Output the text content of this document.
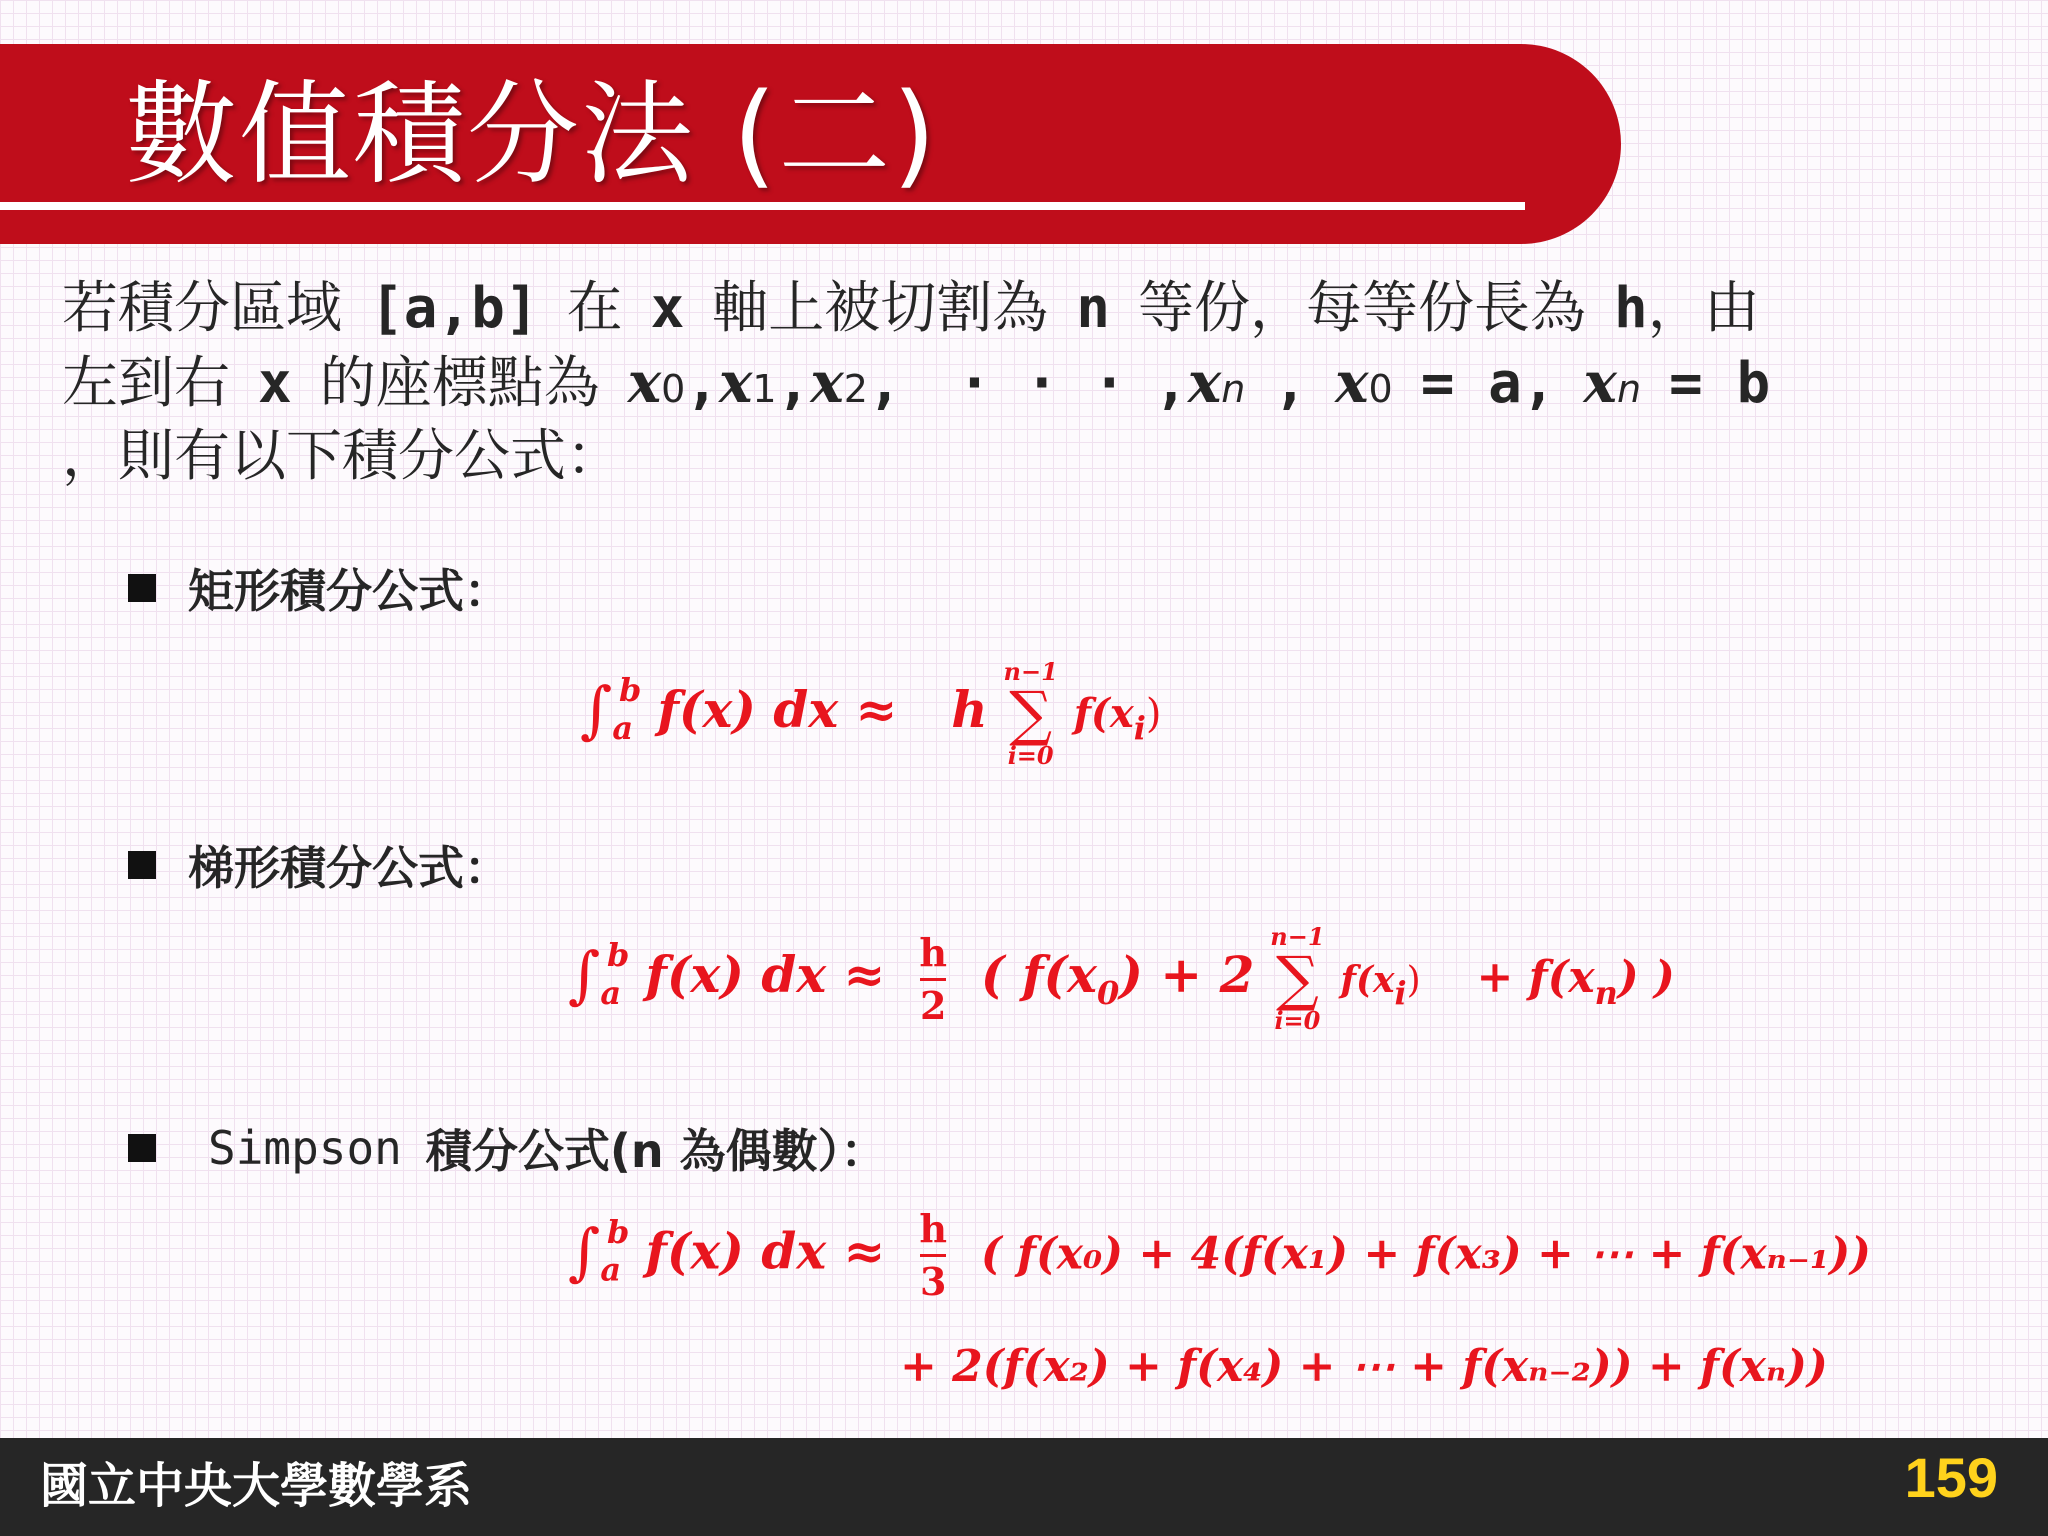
數值積分法 (二)
若積分區域 [a,b] 在 x 軸上被切割為 n 等份，每等份長為 h ，由
左到右 x 的座標點為 x 0 , x 1 , x 2 , · · · , x n , x 0 = a, x n = b
，則有以下積分公式：
矩形積分公式：
$\int_a^b$ f(x) dx ≈ h
n−1
∑
i=0
$f(x_i)$
梯形積分公式：
$\int_a^b$ f(x) dx ≈ $\frac{h}{2}$ ( $f(x_0) + 2$
n−1
∑
i=0
$f(x_i) + f(x_n)$ )
Simpson 積分公式(n 為偶數）：
$\int_a^b$ f(x) dx ≈ $\frac{h}{3}$ ( f(x₀) + 4(f(x₁) + f(x₃) + ⋯ + f(xₙ₋₁))
+ 2(f(x₂) + f(x₄) + ⋯ + f(xₙ₋₂)) + f(xₙ))
國立中央大學數學系	159
